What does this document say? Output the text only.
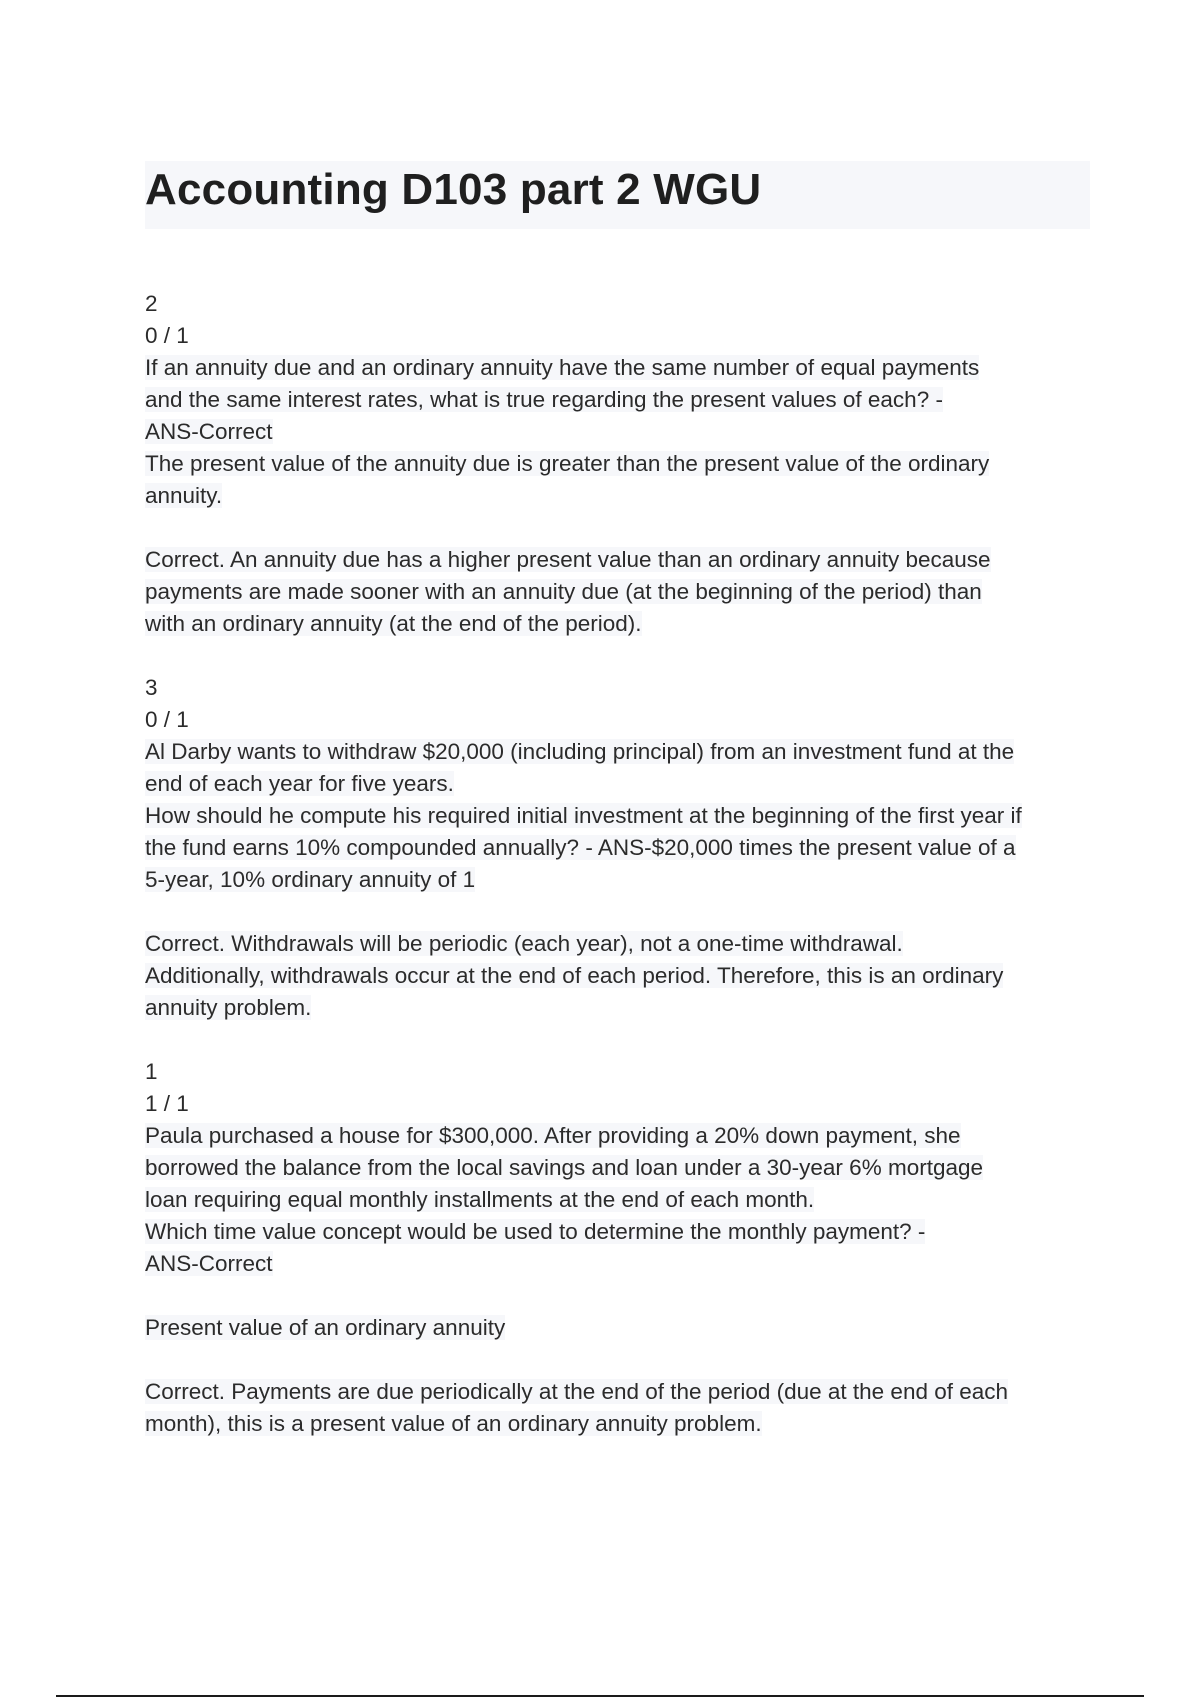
Accounting D103 part 2 WGU
2
0 / 1
If an annuity due and an ordinary annuity have the same number of equal payments
and the same interest rates, what is true regarding the present values of each? -
ANS-Correct
The present value of the annuity due is greater than the present value of the ordinary
annuity.
Correct. An annuity due has a higher present value than an ordinary annuity because
payments are made sooner with an annuity due (at the beginning of the period) than
with an ordinary annuity (at the end of the period).
3
0 / 1
Al Darby wants to withdraw $20,000 (including principal) from an investment fund at the
end of each year for five years.
How should he compute his required initial investment at the beginning of the first year if
the fund earns 10% compounded annually? - ANS-$20,000 times the present value of a
5-year, 10% ordinary annuity of 1
Correct. Withdrawals will be periodic (each year), not a one-time withdrawal.
Additionally, withdrawals occur at the end of each period. Therefore, this is an ordinary
annuity problem.
1
1 / 1
Paula purchased a house for $300,000. After providing a 20% down payment, she
borrowed the balance from the local savings and loan under a 30-year 6% mortgage
loan requiring equal monthly installments at the end of each month.
Which time value concept would be used to determine the monthly payment? -
ANS-Correct
Present value of an ordinary annuity
Correct. Payments are due periodically at the end of the period (due at the end of each
month), this is a present value of an ordinary annuity problem.
